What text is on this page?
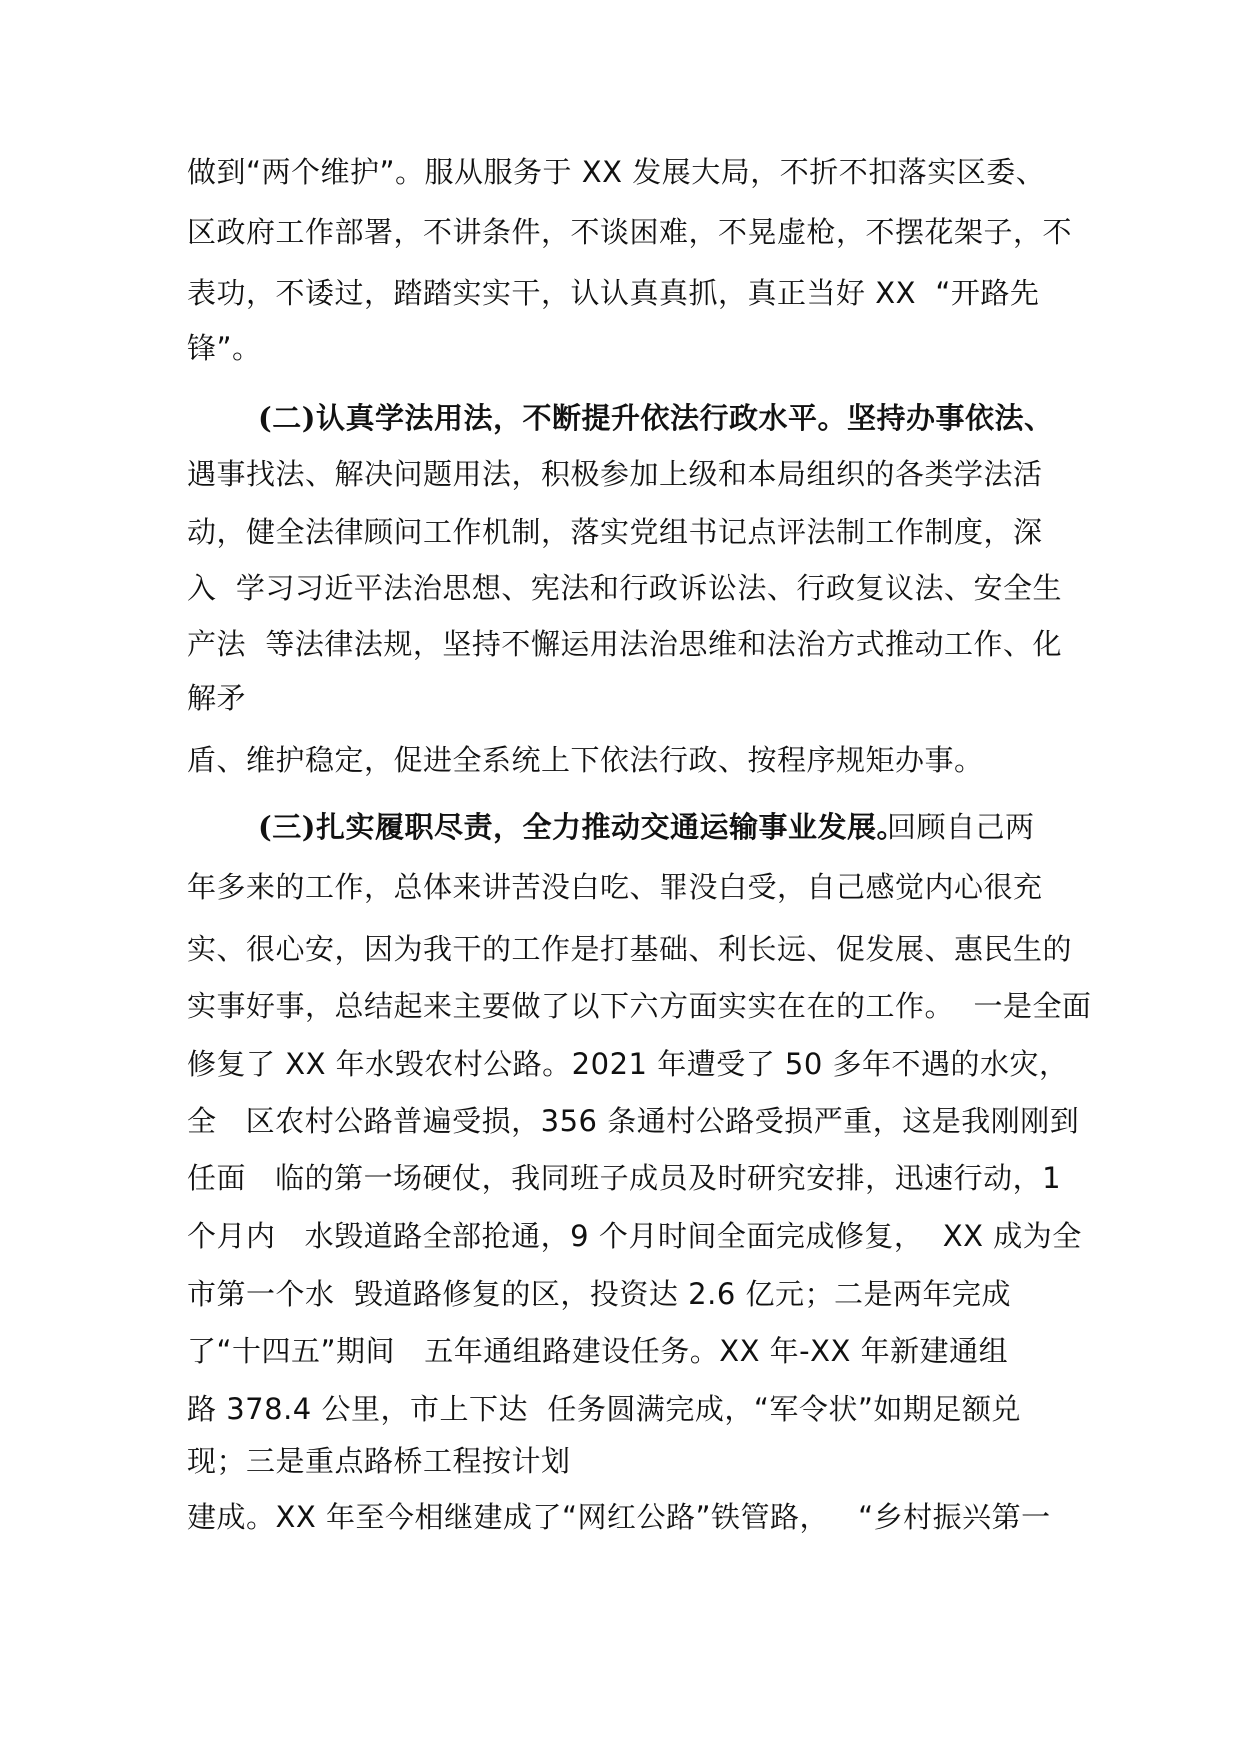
做到“两个维护”。服从服务于 XX 发展大局，不折不扣落实区委、
区政府工作部署，不讲条件，不谈困难，不晃虚枪，不摆花架子，不
表功，不诿过，踏踏实实干，认认真真抓，真正当好 XX  “开路先
锋”。
(二)认真学法用法，不断提升依法行政水平。坚持办事依法、
遇事找法、解决问题用法，积极参加上级和本局组织的各类学法活
动，健全法律顾问工作机制，落实党组书记点评法制工作制度，深
入  学习习近平法治思想、宪法和行政诉讼法、行政复议法、安全生
产法  等法律法规，坚持不懈运用法治思维和法治方式推动工作、化
解矛
盾、维护稳定，促进全系统上下依法行政、按程序规矩办事。
(三)扎实履职尽责，全力推动交通运输事业发展。
回顾自己两
年多来的工作，总体来讲苦没白吃、罪没白受，自己感觉内心很充
实、很心安，因为我干的工作是打基础、利长远、促发展、惠民生的
实事好事，总结起来主要做了以下六方面实实在在的工作。  一是全面
修复了 XX 年水毁农村公路。2021 年遭受了 50 多年不遇的水灾，
全   区农村公路普遍受损，356 条通村公路受损严重，这是我刚刚到
任面   临的第一场硬仗，我同班子成员及时研究安排，迅速行动，1
个月内   水毁道路全部抢通，9 个月时间全面完成修复，  XX 成为全
市第一个水  毁道路修复的区，投资达 2.6 亿元；二是两年完成
了“十四五”期间   五年通组路建设任务。XX 年-XX 年新建通组
路 378.4 公里，市上下达  任务圆满完成，“军令状”如期足额兑
现；三是重点路桥工程按计划
建成。XX 年至今相继建成了“网红公路”铁管路，   “乡村振兴第一
